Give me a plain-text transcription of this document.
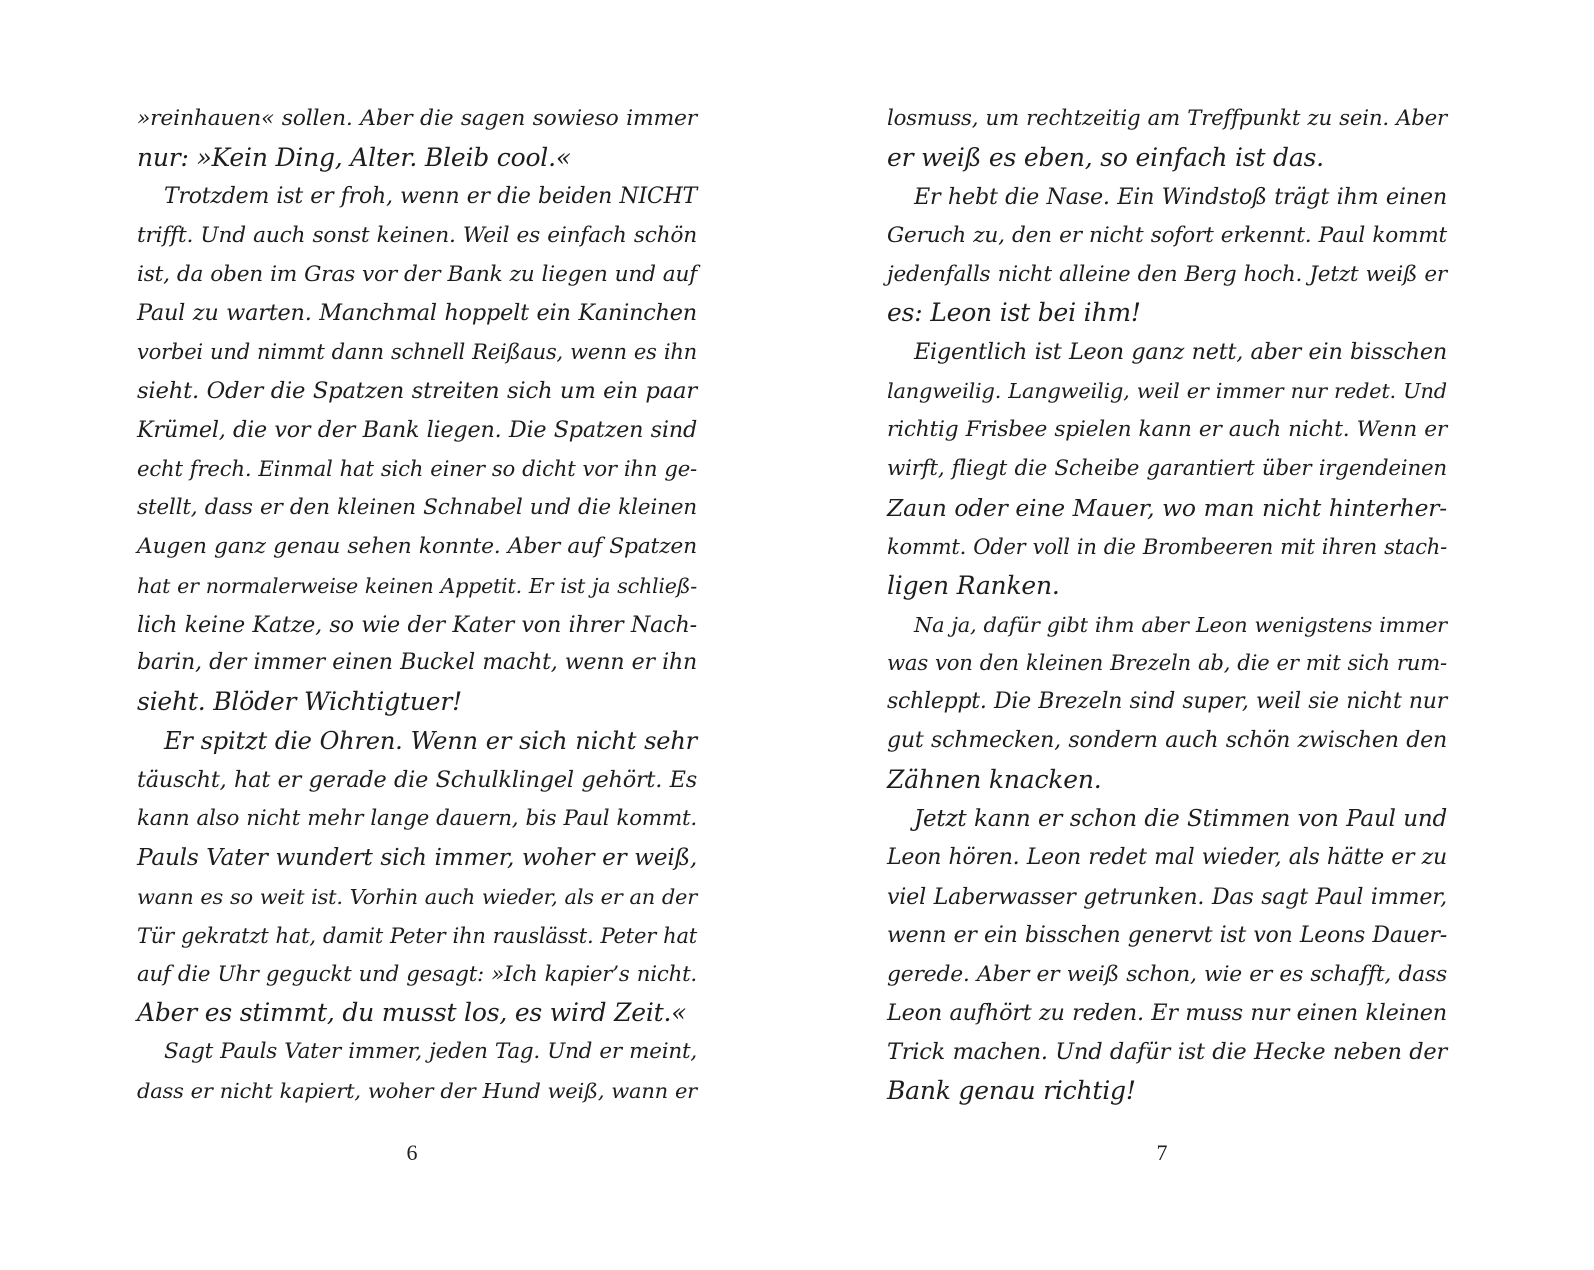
»reinhauen« sollen. Aber die sagen sowieso immer
nur: »Kein Ding, Alter. Bleib cool.«
Trotzdem ist er froh, wenn er die beiden NICHT
trifft. Und auch sonst keinen. Weil es einfach schön
ist, da oben im Gras vor der Bank zu liegen und auf
Paul zu warten. Manchmal hoppelt ein Kaninchen
vorbei und nimmt dann schnell Reißaus, wenn es ihn
sieht. Oder die Spatzen streiten sich um ein paar
Krümel, die vor der Bank liegen. Die Spatzen sind
echt frech. Einmal hat sich einer so dicht vor ihn ge-
stellt, dass er den kleinen Schnabel und die kleinen
Augen ganz genau sehen konnte. Aber auf Spatzen
hat er normalerweise keinen Appetit. Er ist ja schließ-
lich keine Katze, so wie der Kater von ihrer Nach-
barin, der immer einen Buckel macht, wenn er ihn
sieht. Blöder Wichtigtuer!
Er spitzt die Ohren. Wenn er sich nicht sehr
täuscht, hat er gerade die Schulklingel gehört. Es
kann also nicht mehr lange dauern, bis Paul kommt.
Pauls Vater wundert sich immer, woher er weiß,
wann es so weit ist. Vorhin auch wieder, als er an der
Tür gekratzt hat, damit Peter ihn rauslässt. Peter hat
auf die Uhr geguckt und gesagt: »Ich kapier’s nicht.
Aber es stimmt, du musst los, es wird Zeit.«
Sagt Pauls Vater immer, jeden Tag. Und er meint,
dass er nicht kapiert, woher der Hund weiß, wann er
6
losmuss, um rechtzeitig am Treffpunkt zu sein. Aber
er weiß es eben, so einfach ist das.
Er hebt die Nase. Ein Windstoß trägt ihm einen
Geruch zu, den er nicht sofort erkennt. Paul kommt
jedenfalls nicht alleine den Berg hoch. Jetzt weiß er
es: Leon ist bei ihm!
Eigentlich ist Leon ganz nett, aber ein bisschen
langweilig. Langweilig, weil er immer nur redet. Und
richtig Frisbee spielen kann er auch nicht. Wenn er
wirft, fliegt die Scheibe garantiert über irgendeinen
Zaun oder eine Mauer, wo man nicht hinterher-
kommt. Oder voll in die Brombeeren mit ihren stach-
ligen Ranken.
Na ja, dafür gibt ihm aber Leon wenigstens immer
was von den kleinen Brezeln ab, die er mit sich rum-
schleppt. Die Brezeln sind super, weil sie nicht nur
gut schmecken, sondern auch schön zwischen den
Zähnen knacken.
Jetzt kann er schon die Stimmen von Paul und
Leon hören. Leon redet mal wieder, als hätte er zu
viel Laberwasser getrunken. Das sagt Paul immer,
wenn er ein bisschen genervt ist von Leons Dauer-
gerede. Aber er weiß schon, wie er es schafft, dass
Leon aufhört zu reden. Er muss nur einen kleinen
Trick machen. Und dafür ist die Hecke neben der
Bank genau richtig!
7
